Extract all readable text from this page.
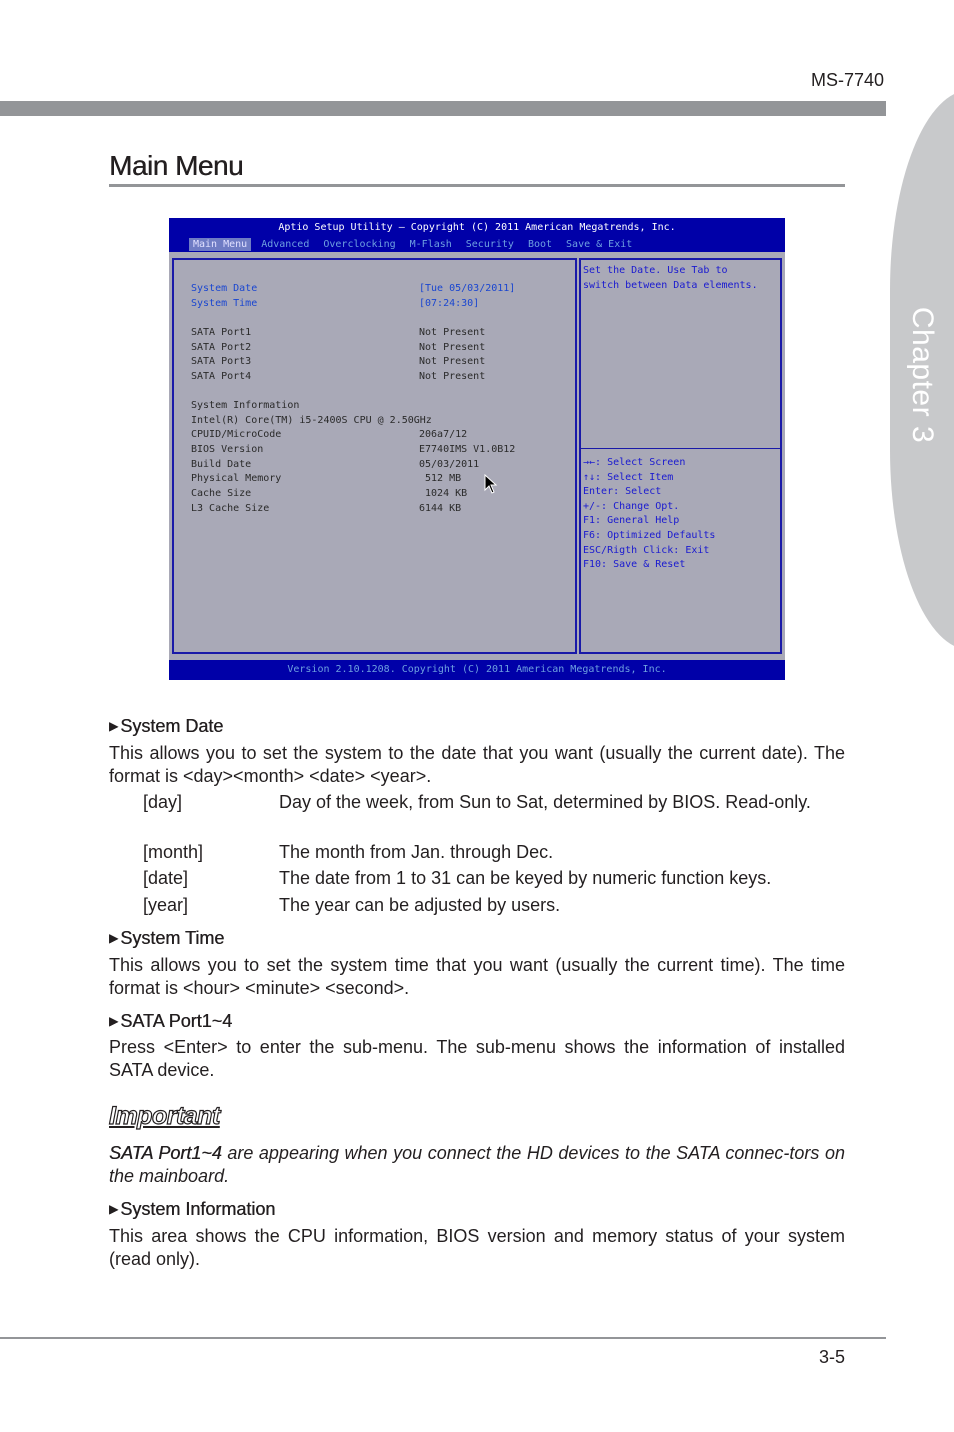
MS-7740
Chapter 3
Main Menu
Aptio Setup Utility – Copyright (C) 2011 American Megatrends, Inc.
Main Menu	Advanced	Overclocking	M-Flash	Security	Boot	Save & Exit
System Date	[Tue 05/03/2011]
System Time	[07:24:30]
SATA Port1	Not Present
SATA Port2	Not Present
SATA Port3	Not Present
SATA Port4	Not Present
System Information
Intel(R) Core(TM) i5-2400S CPU @ 2.50GHz
CPUID/MicroCode	206a7/12
BIOS Version	E7740IMS V1.0B12
Build Date	05/03/2011
Physical Memory	512 MB
Cache Size	1024 KB
L3 Cache Size	6144 KB
Set the Date. Use Tab to
switch between Data elements.
→←: Select Screen
↑↓: Select Item
Enter: Select
+/-: Change Opt.
F1: General Help
F6: Optimized Defaults
ESC/Rigth Click: Exit
F10: Save & Reset
Version 2.10.1208. Copyright (C) 2011 American Megatrends, Inc.
▶ System Date

This allows you to set the system to the date that you want (usually the current date). The format is <day><month> <date> <year>.

[day]	Day of the week, from Sun to Sat, determined by BIOS. Read-only.
[month]	The month from Jan. through Dec.
[date]	The date from 1 to 31 can be keyed by numeric function keys.
[year]	The year can be adjusted by users.
▶ System Time

This allows you to set the system time that you want (usually the current time). The time format is <hour> <minute> <second>.

▶ SATA Port1~4

Press <Enter> to enter the sub-menu. The sub-menu shows the information of installed SATA device.

Important

SATA Port1~4 are appearing when you connect the HD devices to the SATA connec-tors on the mainboard.

▶ System Information

This area shows the CPU information, BIOS version and memory status of your system (read only).

3-5
